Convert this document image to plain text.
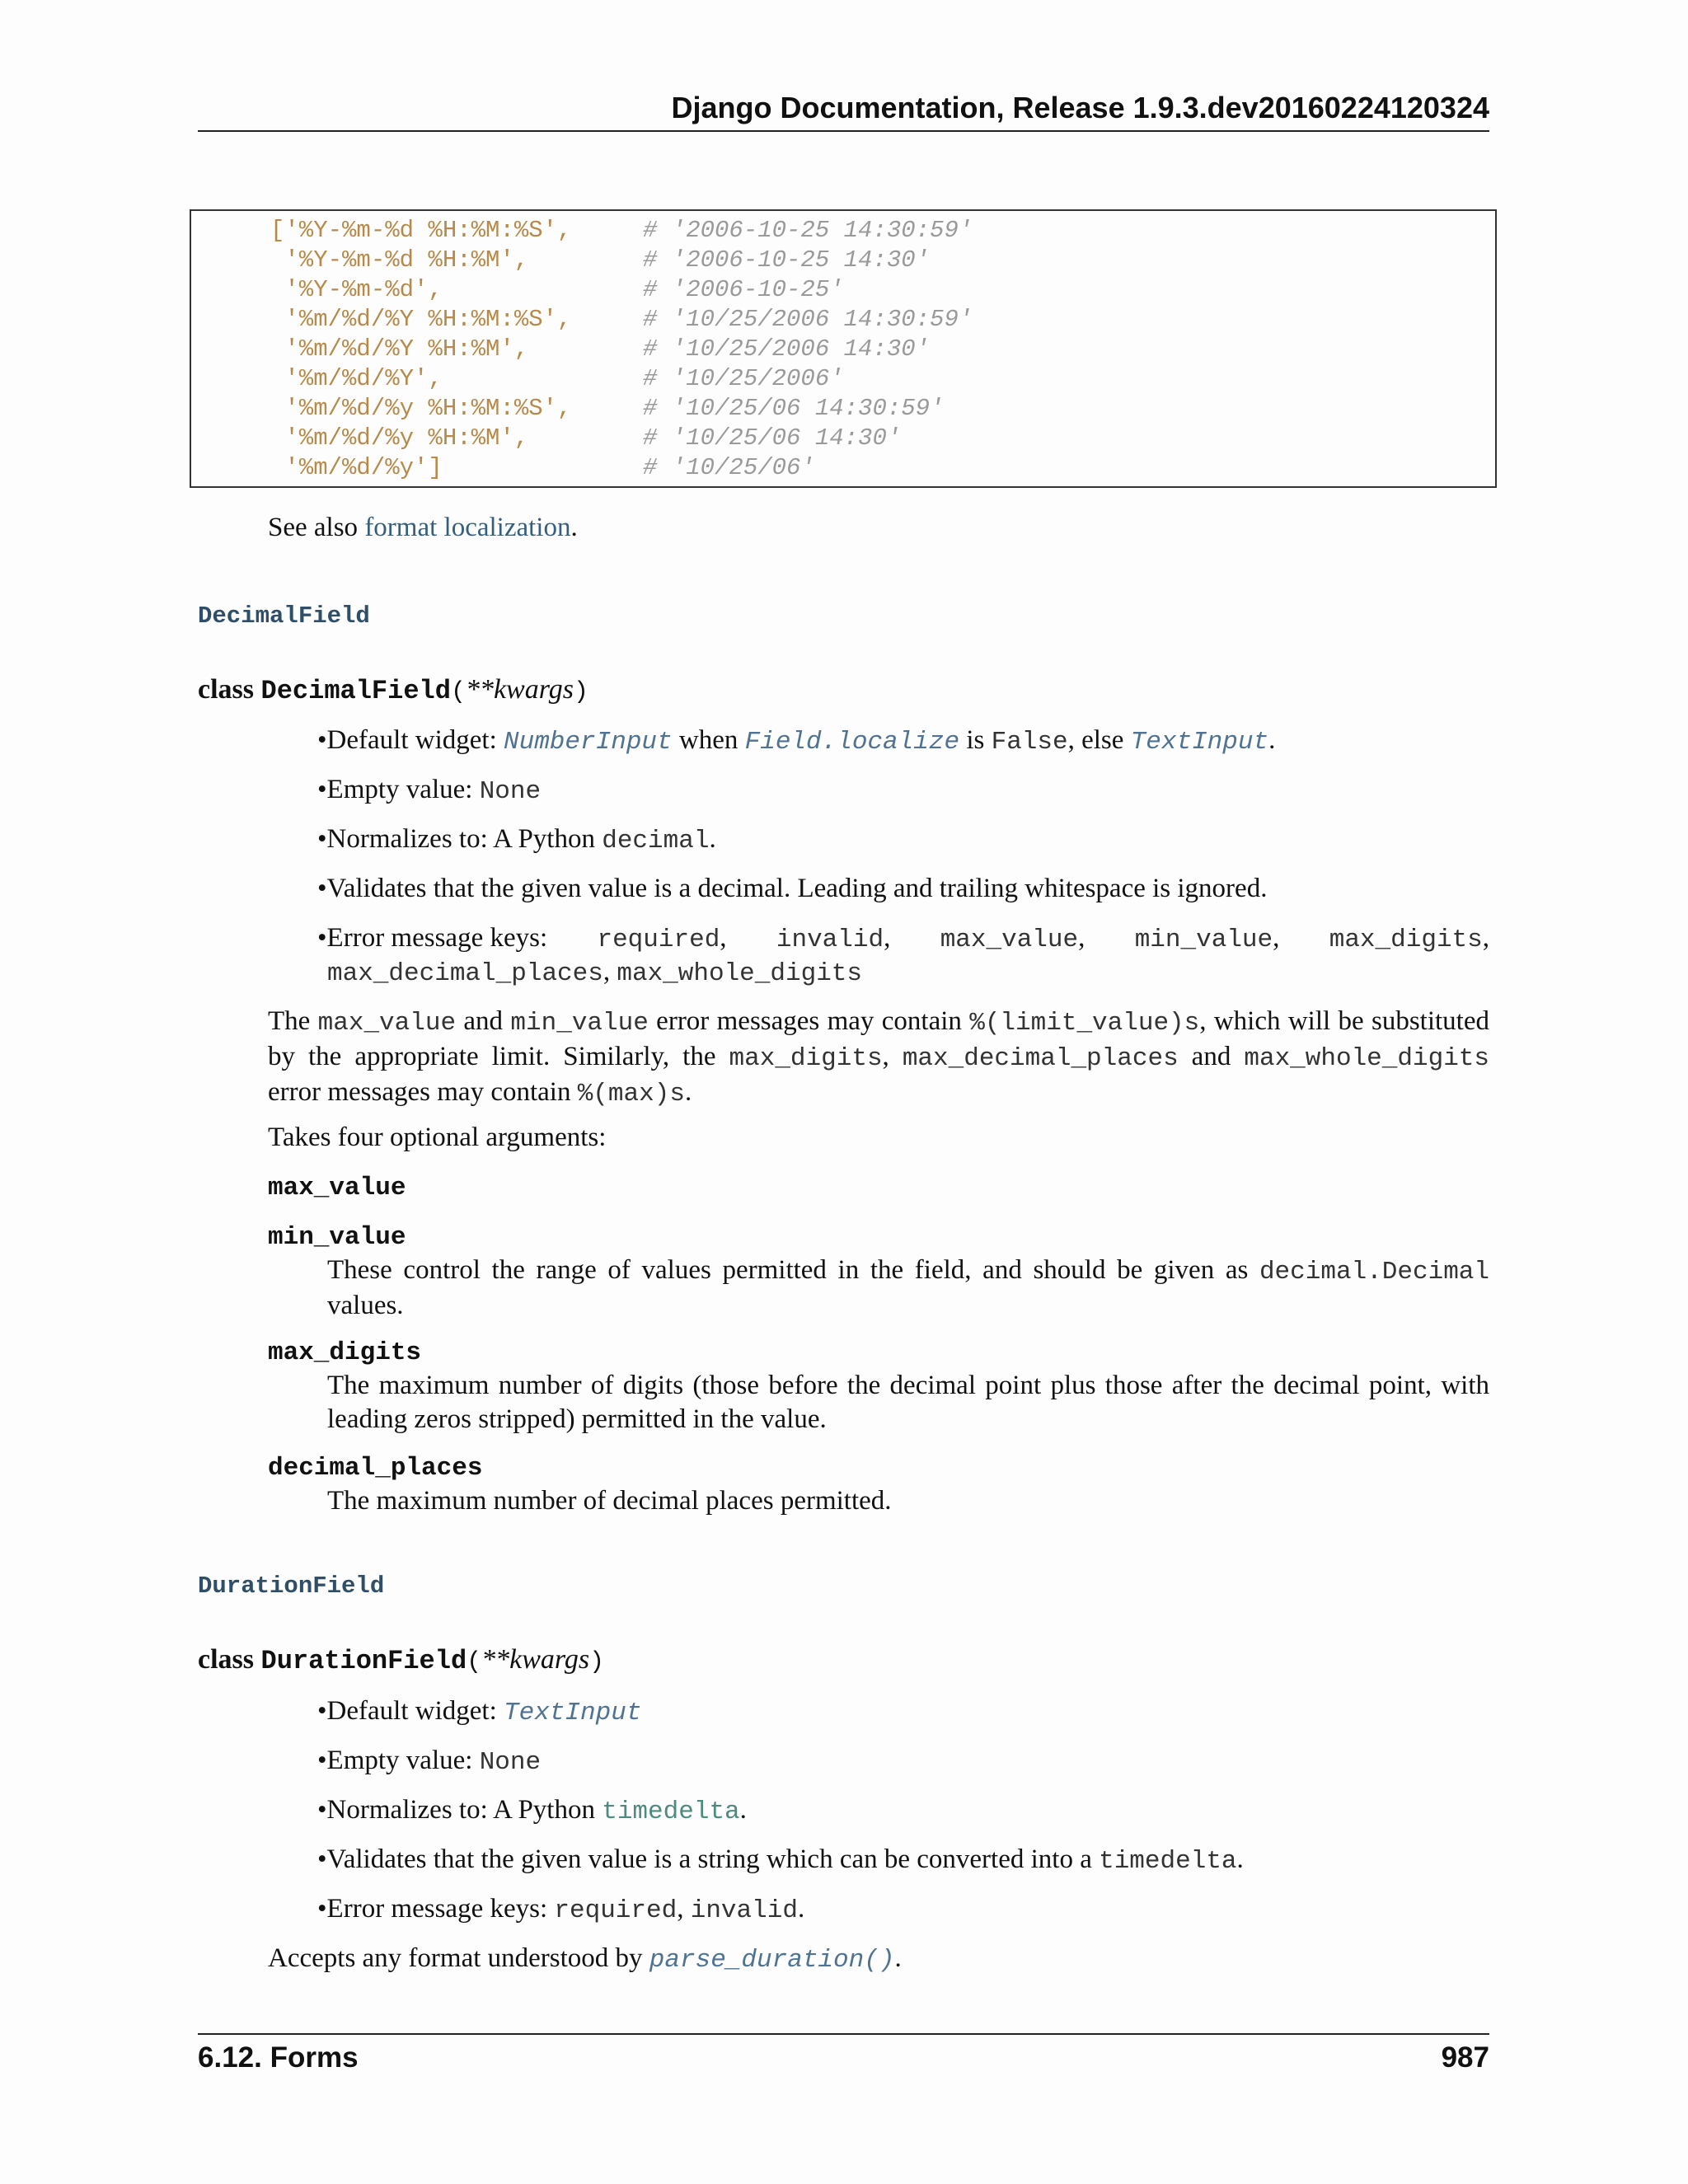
Django Documentation, Release 1.9.3.dev20160224120324
['%Y-%m-%d %H:%M:%S',	# '2006-10-25 14:30:59'
'%Y-%m-%d %H:%M',	# '2006-10-25 14:30'
'%Y-%m-%d',	# '2006-10-25'
'%m/%d/%Y %H:%M:%S',	# '10/25/2006 14:30:59'
'%m/%d/%Y %H:%M',	# '10/25/2006 14:30'
'%m/%d/%Y',	# '10/25/2006'
'%m/%d/%y %H:%M:%S',	# '10/25/06 14:30:59'
'%m/%d/%y %H:%M',	# '10/25/06 14:30'
'%m/%d/%y']	# '10/25/06'
See also format localization.
DecimalField
class DecimalField(**kwargs)
•Default widget: NumberInput when Field.localize is False, else TextInput.
•Empty value: None
•Normalizes to: A Python decimal.
•Validates that the given value is a decimal. Leading and trailing whitespace is ignored.
•Error message keys: required, invalid, max_value, min_value, max_digits,
max_decimal_places, max_whole_digits
The max_value and min_value error messages may contain %(limit_value)s, which will be substituted by the appropriate limit. Similarly, the max_digits, max_decimal_places and max_whole_digits error messages may contain %(max)s.
Takes four optional arguments:
max_value
min_value
These control the range of values permitted in the field, and should be given as decimal.Decimal values.
max_digits
The maximum number of digits (those before the decimal point plus those after the decimal point, with leading zeros stripped) permitted in the value.
decimal_places
The maximum number of decimal places permitted.
DurationField
class DurationField(**kwargs)
•Default widget: TextInput
•Empty value: None
•Normalizes to: A Python timedelta.
•Validates that the given value is a string which can be converted into a timedelta.
•Error message keys: required, invalid.
Accepts any format understood by parse_duration().
6.12. Forms	987
